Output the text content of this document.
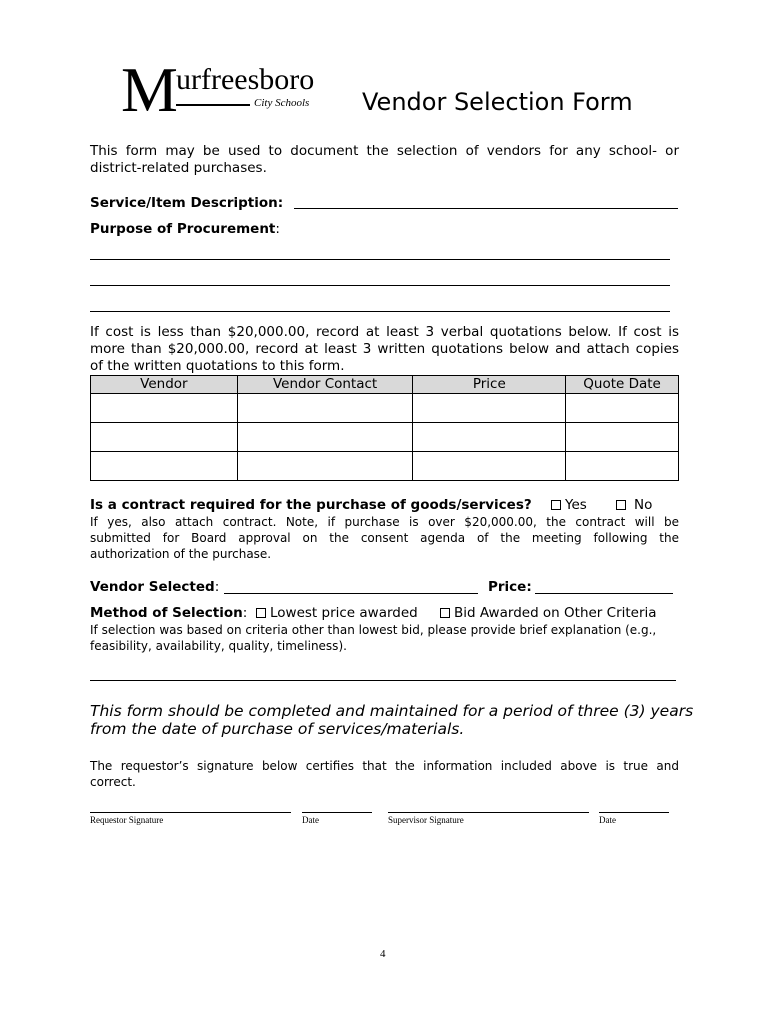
M urfreesboro
City Schools Vendor Selection Form
This form may be used to document the selection of vendors for any school- or
district-related purchases.
Service/Item Description:
Purpose of Procurement:
If cost is less than $20,000.00, record at least 3 verbal quotations below. If cost is
more than $20,000.00, record at least 3 written quotations below and attach copies
of the written quotations to this form.
Vendor	Vendor Contact	Price	Quote Date

Is a contract required for the purchase of goods/services?	Yes	No
If yes, also attach contract. Note, if purchase is over $20,000.00, the contract will be
submitted for Board approval on the consent agenda of the meeting following the
authorization of the purchase.
Vendor Selected:	Price:
Method of Selection:	Lowest price awarded	Bid Awarded on Other Criteria
If selection was based on criteria other than lowest bid, please provide brief explanation (e.g.,
feasibility, availability, quality, timeliness).
This form should be completed and maintained for a period of three (3) years
from the date of purchase of services/materials.
The requestor’s signature below certifies that the information included above is true and
correct.
Requestor Signature	Date	Supervisor Signature	Date
4
